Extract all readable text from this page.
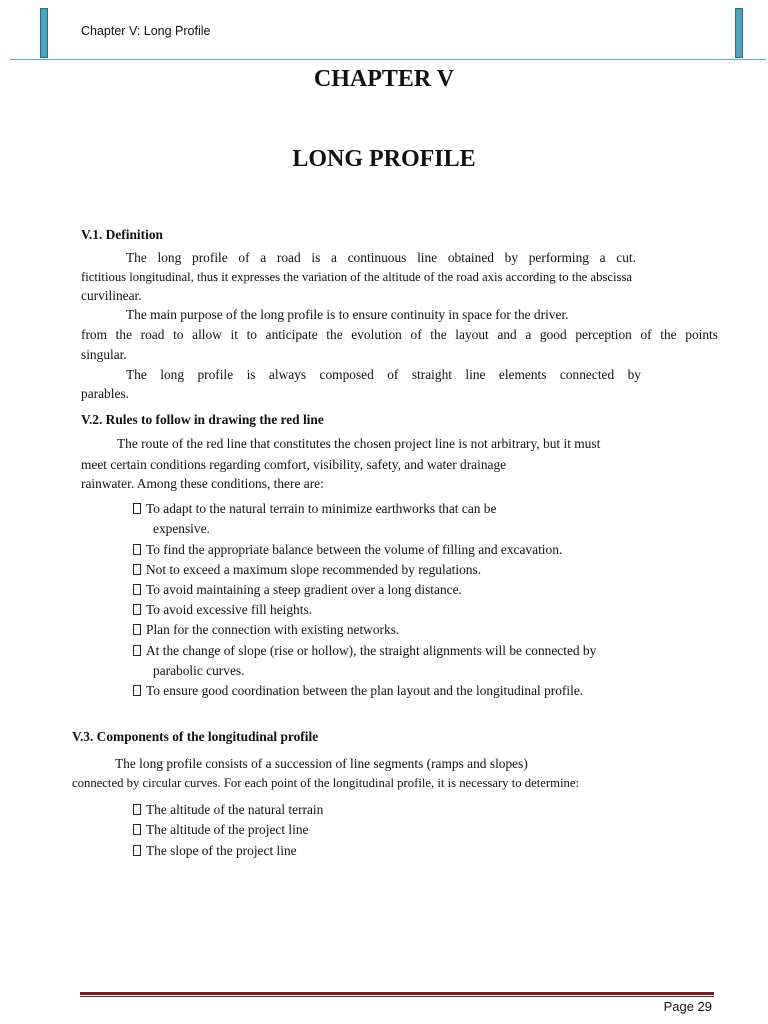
Chapter V: Long Profile
CHAPTER V
LONG PROFILE
V.1. Definition
The long profile of a road is a continuous line obtained by performing a cut.
fictitious longitudinal, thus it expresses the variation of the altitude of the road axis according to the abscissa
curvilinear.
The main purpose of the long profile is to ensure continuity in space for the driver.
from the road to allow it to anticipate the evolution of the layout and a good perception of the points
singular.
The long profile is always composed of straight line elements connected by
parables.
V.2. Rules to follow in drawing the red line
The route of the red line that constitutes the chosen project line is not arbitrary, but it must
meet certain conditions regarding comfort, visibility, safety, and water drainage
rainwater. Among these conditions, there are:
To adapt to the natural terrain to minimize earthworks that can be
expensive.
To find the appropriate balance between the volume of filling and excavation.
Not to exceed a maximum slope recommended by regulations.
To avoid maintaining a steep gradient over a long distance.
To avoid excessive fill heights.
Plan for the connection with existing networks.
At the change of slope (rise or hollow), the straight alignments will be connected by
parabolic curves.
To ensure good coordination between the plan layout and the longitudinal profile.
V.3. Components of the longitudinal profile
The long profile consists of a succession of line segments (ramps and slopes)
connected by circular curves. For each point of the longitudinal profile, it is necessary to determine:
The altitude of the natural terrain
The altitude of the project line
The slope of the project line
Page 29
